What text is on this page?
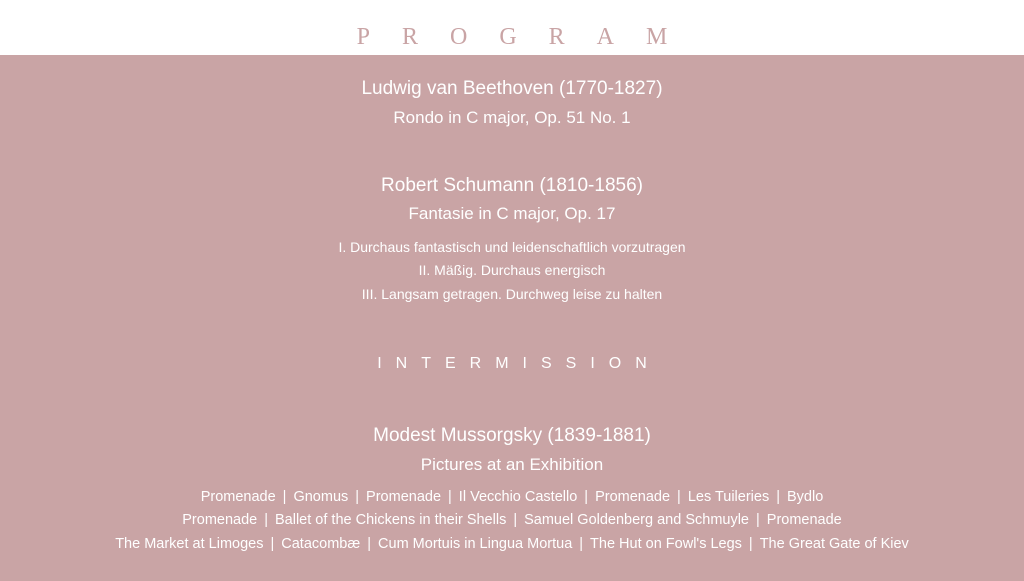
PROGRAM
Ludwig van Beethoven (1770-1827)
Rondo in C major, Op. 51 No. 1
Robert Schumann (1810-1856)
Fantasie in C major, Op. 17
I. Durchaus fantastisch und leidenschaftlich vorzutragen
II. Mäßig. Durchaus energisch
III. Langsam getragen. Durchweg leise zu halten
INTERMISSION
Modest Mussorgsky (1839-1881)
Pictures at an Exhibition
Promenade | Gnomus | Promenade | Il Vecchio Castello | Promenade | Les Tuileries | Bydlo
Promenade | Ballet of the Chickens in their Shells | Samuel Goldenberg and Schmuyle | Promenade
The Market at Limoges | Catacombæ | Cum Mortuis in Lingua Mortua | The Hut on Fowl's Legs | The Great Gate of Kiev
